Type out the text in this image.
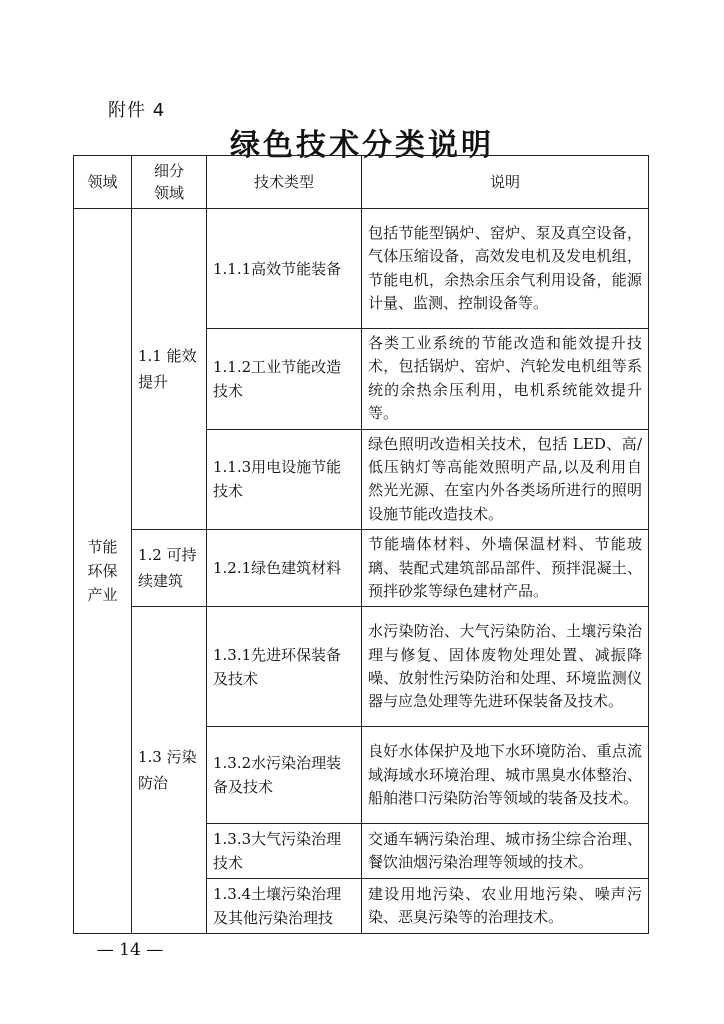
附件 4
绿色技术分类说明
领域	细分领域	技术类型	说明
节能环保产业	1.1 能效提升	1.1.1高效节能装备	包括节能型锅炉、窑炉、泵及真空设备，气体压缩设备，高效发电机及发电机组，节能电机，余热余压余气利用设备，能源计量、监测、控制设备等。
		1.1.2工业节能改造技术	各类工业系统的节能改造和能效提升技术，包括锅炉、窑炉、汽轮发电机组等系统的余热余压利用，电机系统能效提升等。
		1.1.3用电设施节能技术	绿色照明改造相关技术，包括 LED、高/低压钠灯等高能效照明产品,以及利用自然光光源、在室内外各类场所进行的照明设施节能改造技术。
	1.2 可持续建筑	1.2.1绿色建筑材料	节能墙体材料、外墙保温材料、节能玻璃、装配式建筑部品部件、预拌混凝土、预拌砂浆等绿色建材产品。
	1.3 污染防治	1.3.1先进环保装备及技术	水污染防治、大气污染防治、土壤污染治理与修复、固体废物处理处置、减振降噪、放射性污染防治和处理、环境监测仪器与应急处理等先进环保装备及技术。
		1.3.2水污染治理装备及技术	良好水体保护及地下水环境防治、重点流域海域水环境治理、城市黑臭水体整治、船舶港口污染防治等领域的装备及技术。
		1.3.3大气污染治理技术	交通车辆污染治理、城市扬尘综合治理、餐饮油烟污染治理等领域的技术。
		1.3.4土壤污染治理及其他污染治理技	建设用地污染、农业用地污染、噪声污染、恶臭污染等的治理技术。
— 14 —
